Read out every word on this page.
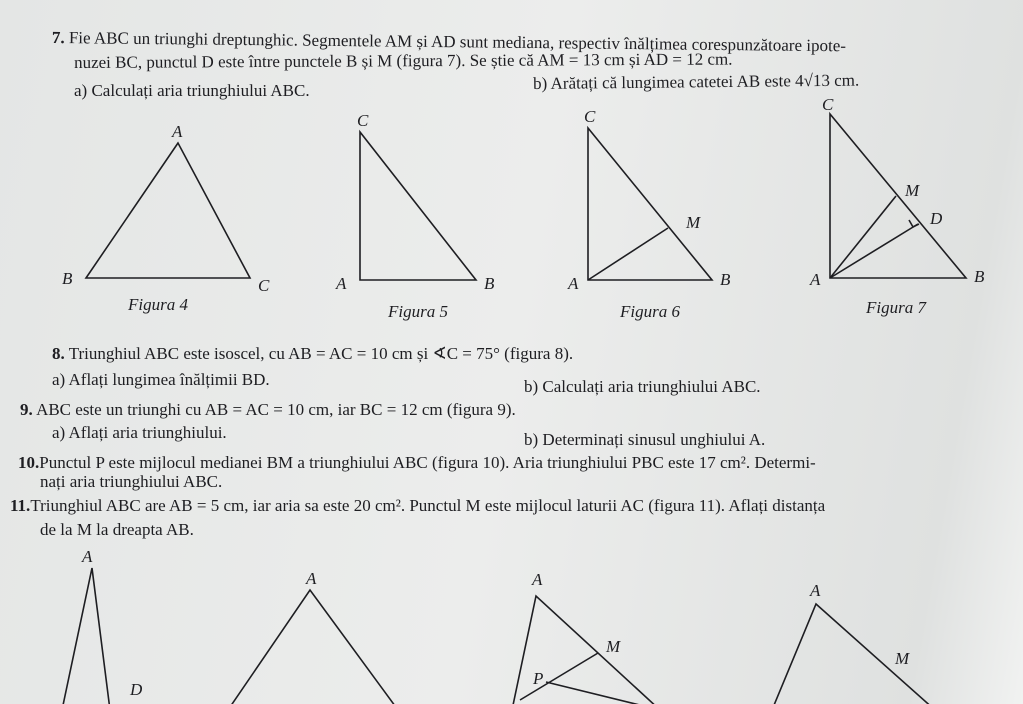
7. Fie ABC un triunghi dreptunghic. Segmentele AM și AD sunt mediana, respectiv înălțimea corespunzătoare ipote-
nuzei BC, punctul D este între punctele B și M (figura 7). Se știe că AM = 13 cm și AD = 12 cm.
a) Calculați aria triunghiului ABC.	b) Arătați că lungimea catetei AB este 4√13 cm.
8. Triunghiul ABC este isoscel, cu AB = AC = 10 cm și ∢C = 75° (figura 8).
a) Aflați lungimea înălțimii BD.	b) Calculați aria triunghiului ABC.
9. ABC este un triunghi cu AB = AC = 10 cm, iar BC = 12 cm (figura 9).
a) Aflați aria triunghiului.	b) Determinați sinusul unghiului A.
10.Punctul P este mijlocul medianei BM a triunghiului ABC (figura 10). Aria triunghiului PBC este 17 cm². Determi-
nați aria triunghiului ABC.
11.Triunghiul ABC are AB = 5 cm, iar aria sa este 20 cm². Punctul M este mijlocul laturii AC (figura 11). Aflați distanța
de la M la dreapta AB.
A
B	C
Figura 4
C
A	B
Figura 5
C
M
A	B
Figura 6
C
M
D
A	B
Figura 7
A
D
A	A
M
P
A
M
